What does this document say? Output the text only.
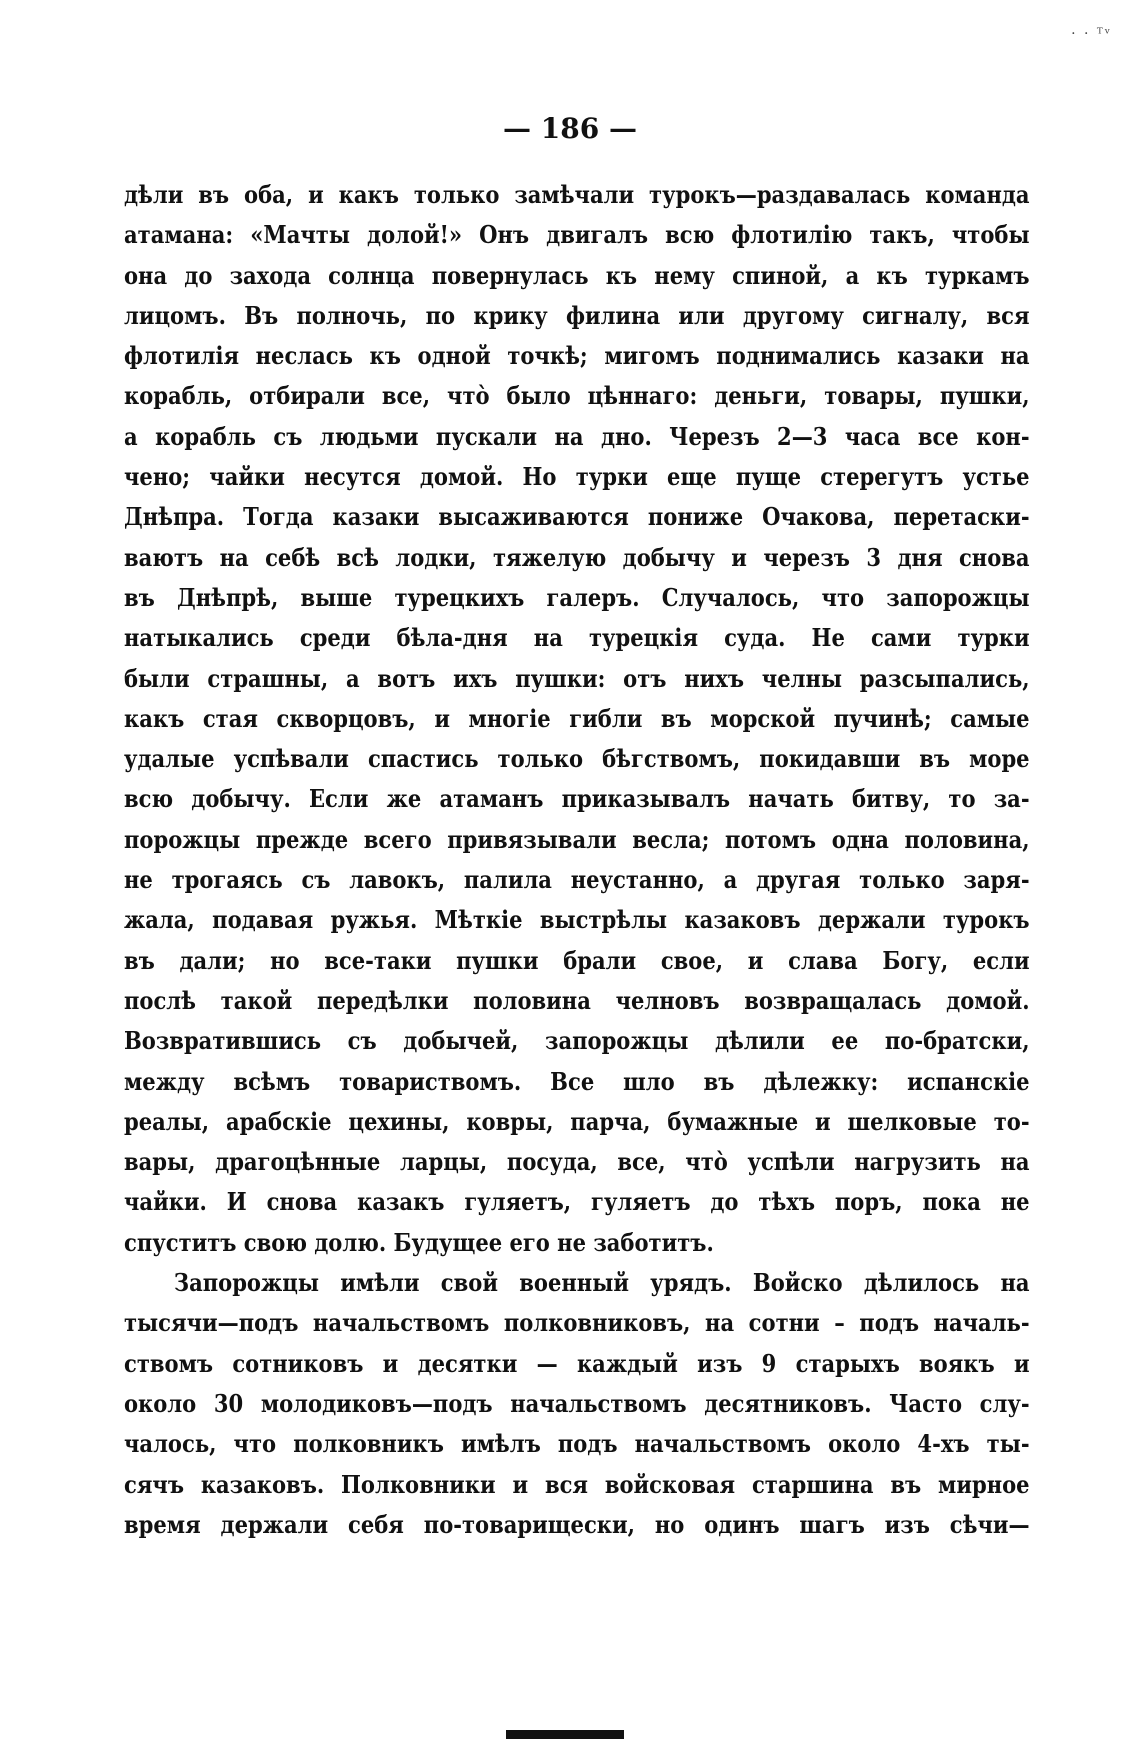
· · ᵀᵛ
— 186 —
дѣли въ оба, и какъ только замѣчали турокъ—раздавалась команда
атамана: «Мачты долой!» Онъ двигалъ всю флотилію такъ, чтобы
она до захода солнца повернулась къ нему спиной, а къ туркамъ
лицомъ. Въ полночь, по крику филина или другому сигналу, вся
флотилія неслась къ одной точкѣ; мигомъ поднимались казаки на
корабль, отбирали все, что̀ было цѣннаго: деньги, товары, пушки,
а корабль съ людьми пускали на дно. Черезъ 2—3 часа все кон-
чено; чайки несутся домой. Но турки еще пуще стерегутъ устье
Днѣпра. Тогда казаки высаживаются пониже Очакова, перетаски-
ваютъ на себѣ всѣ лодки, тяжелую добычу и черезъ 3 дня снова
въ Днѣпрѣ, выше турецкихъ галеръ. Случалось, что запорожцы
натыкались среди бѣла-дня на турецкія суда. Не сами турки
были страшны, а вотъ ихъ пушки: отъ нихъ челны разсыпались,
какъ стая скворцовъ, и многіе гибли въ морской пучинѣ; самые
удалые успѣвали спастись только бѣгствомъ, покидавши въ море
всю добычу. Если же атаманъ приказывалъ начать битву, то за-
порожцы прежде всего привязывали весла; потомъ одна половина,
не трогаясь съ лавокъ, палила неустанно, а другая только заря-
жала, подавая ружья. Мѣткіе выстрѣлы казаковъ держали турокъ
въ дали; но все-таки пушки брали свое, и слава Богу, если
послѣ такой передѣлки половина челновъ возвращалась домой.
Возвратившись съ добычей, запорожцы дѣлили ее по-братски,
между всѣмъ товариствомъ. Все шло въ дѣлежку: испанскіе
реалы, арабскіе цехины, ковры, парча, бумажные и шелковые то-
вары, драгоцѣнные ларцы, посуда, все, что̀ успѣли нагрузить на
чайки. И снова казакъ гуляетъ, гуляетъ до тѣхъ поръ, пока не
спуститъ свою долю. Будущее его не заботитъ.
Запорожцы имѣли свой военный урядъ. Войско дѣлилось на
тысячи—подъ начальствомъ полковниковъ, на сотни – подъ началь-
ствомъ сотниковъ и десятки — каждый изъ 9 старыхъ воякъ и
около 30 молодиковъ—подъ начальствомъ десятниковъ. Часто слу-
чалось, что полковникъ имѣлъ подъ начальствомъ около 4-хъ ты-
сячъ казаковъ. Полковники и вся войсковая старшина въ мирное
время держали себя по-товарищески, но одинъ шагъ изъ сѣчи—
